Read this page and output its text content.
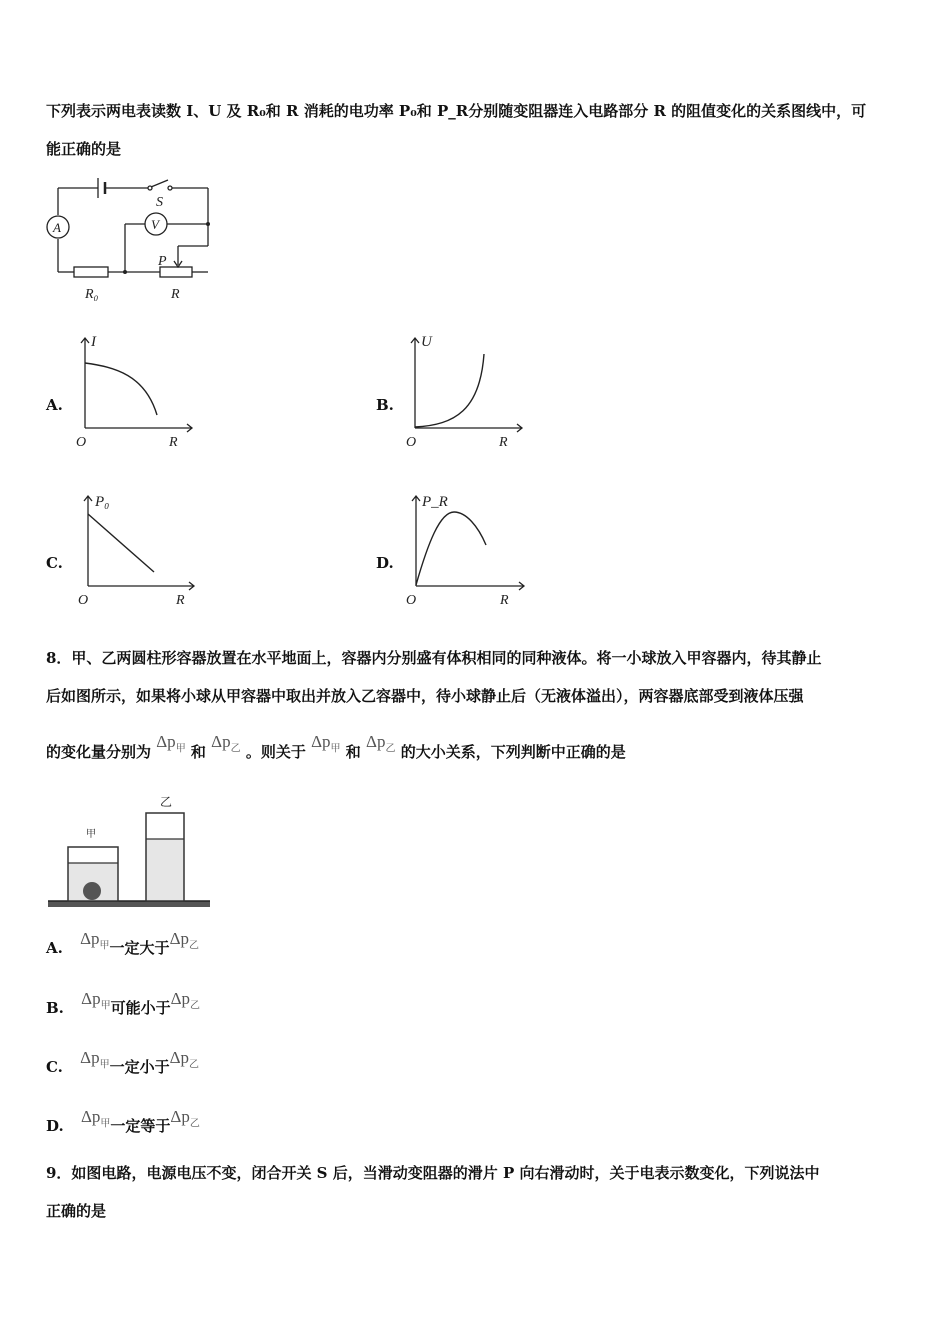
下列表示两电表读数 I、U 及 R₀和 R 消耗的电功率 P₀和 P_R分别随变阻器连入电路部分 R 的阻值变化的关系图线中，可
能正确的是
A	V
S
P
R₀	R
A.
I
O	R
B.
U
O	R
C.
P₀
O	R
D.
P_R
O	R
8．甲、乙两圆柱形容器放置在水平地面上，容器内分别盛有体积相同的同种液体。将一小球放入甲容器内，待其静止
后如图所示，如果将小球从甲容器中取出并放入乙容器中，待小球静止后（无液体溢出），两容器底部受到液体压强
的变化量分别为 $\Delta p_甲$ 和 $\Delta p_乙$ 。则关于 $\Delta p_甲$ 和 $\Delta p_乙$ 的大小关系，下列判断中正确的是
甲
乙
A. $\Delta p_甲$一定大于$\Delta p_乙$
B. $\Delta p_甲$可能小于$\Delta p_乙$
C. $\Delta p_甲$一定小于$\Delta p_乙$
D. $\Delta p_甲$一定等于$\Delta p_乙$
9．如图电路，电源电压不变，闭合开关 S 后，当滑动变阻器的滑片 P 向右滑动时，关于电表示数变化，下列说法中
正确的是
